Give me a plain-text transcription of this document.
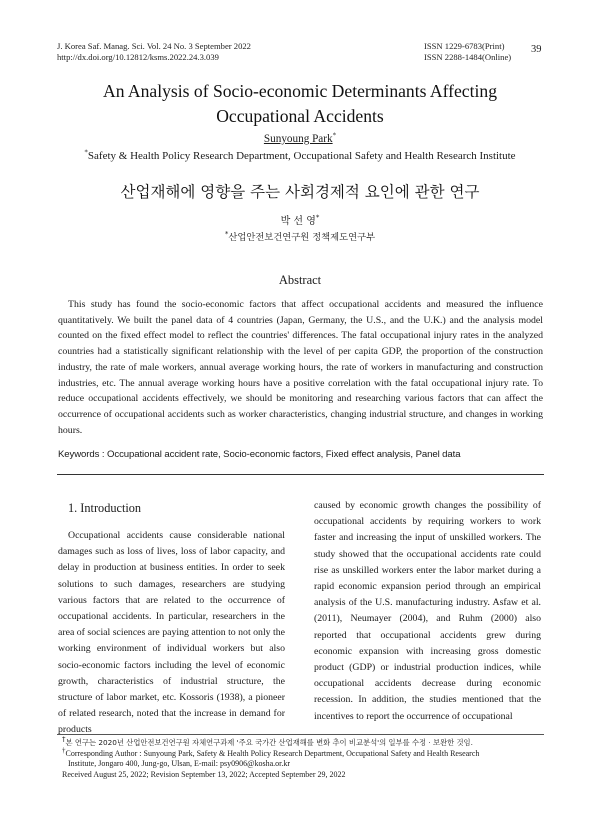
J. Korea Saf. Manag. Sci. Vol. 24 No. 3 September 2022
http://dx.doi.org/10.12812/ksms.2022.24.3.039
ISSN 1229-6783(Print)
ISSN 2288-1484(Online)
39
An Analysis of Socio-economic Determinants Affecting
Occupational Accidents
Sunyoung Park*
*Safety & Health Policy Research Department, Occupational Safety and Health Research Institute
산업재해에 영향을 주는 사회경제적 요인에 관한 연구
박 선 영*
*산업안전보건연구원 정책제도연구부
Abstract

This study has found the socio-economic factors that affect occupational accidents and measured the influence quantitatively. We built the panel data of 4 countries (Japan, Germany, the U.S., and the U.K.) and the analysis model counted on the fixed effect model to reflect the countries' differences. The fatal occupational injury rates in the analyzed countries had a statistically significant relationship with the level of per capita GDP, the proportion of the construction industry, the rate of male workers, annual average working hours, the rate of workers in manufacturing and construction industries, etc. The annual average working hours have a positive correlation with the fatal occupational injury rate. To reduce occupational accidents effectively, we should be monitoring and researching various factors that can affect the occurrence of occupational accidents such as worker characteristics, changing industrial structure, and changes in working hours.

Keywords : Occupational accident rate, Socio-economic factors, Fixed effect analysis, Panel data
1. Introduction

Occupational accidents cause considerable national damages such as loss of lives, loss of labor capacity, and delay in production at business entities. In order to seek solutions to such damages, researchers are studying various factors that are related to the occurrence of occupational accidents. In particular, researchers in the area of social sciences are paying attention to not only the working environment of individual workers but also socio-economic factors including the level of economic growth, characteristics of industrial structure, the structure of labor market, etc. Kossoris (1938), a pioneer of related research, noted that the increase in demand for products

caused by economic growth changes the possibility of occupational accidents by requiring workers to work faster and increasing the input of unskilled workers. The study showed that the occupational accidents rate could rise as unskilled workers enter the labor market during a rapid economic expansion period through an empirical analysis of the U.S. manufacturing industry. Asfaw et al. (2011), Neumayer (2004), and Ruhm (2000) also reported that occupational accidents grew during economic expansion with increasing gross domestic product (GDP) or industrial production indices, while occupational accidents decrease during economic recession. In addition, the studies mentioned that the incentives to report the occurrence of occupational

†본 연구는 2020년 산업안전보건연구원 자체연구과제 '주요 국가간 산업재해를 변화 추이 비교분석'의 일부를 수정 · 보완한 것임.
†Corresponding Author : Sunyoung Park, Safety & Health Policy Research Department, Occupational Safety and Health Research
Institute, Jongaro 400, Jung-go, Ulsan, E-mail: psy0906@kosha.or.kr
Received August 25, 2022; Revision September 13, 2022; Accepted September 29, 2022
